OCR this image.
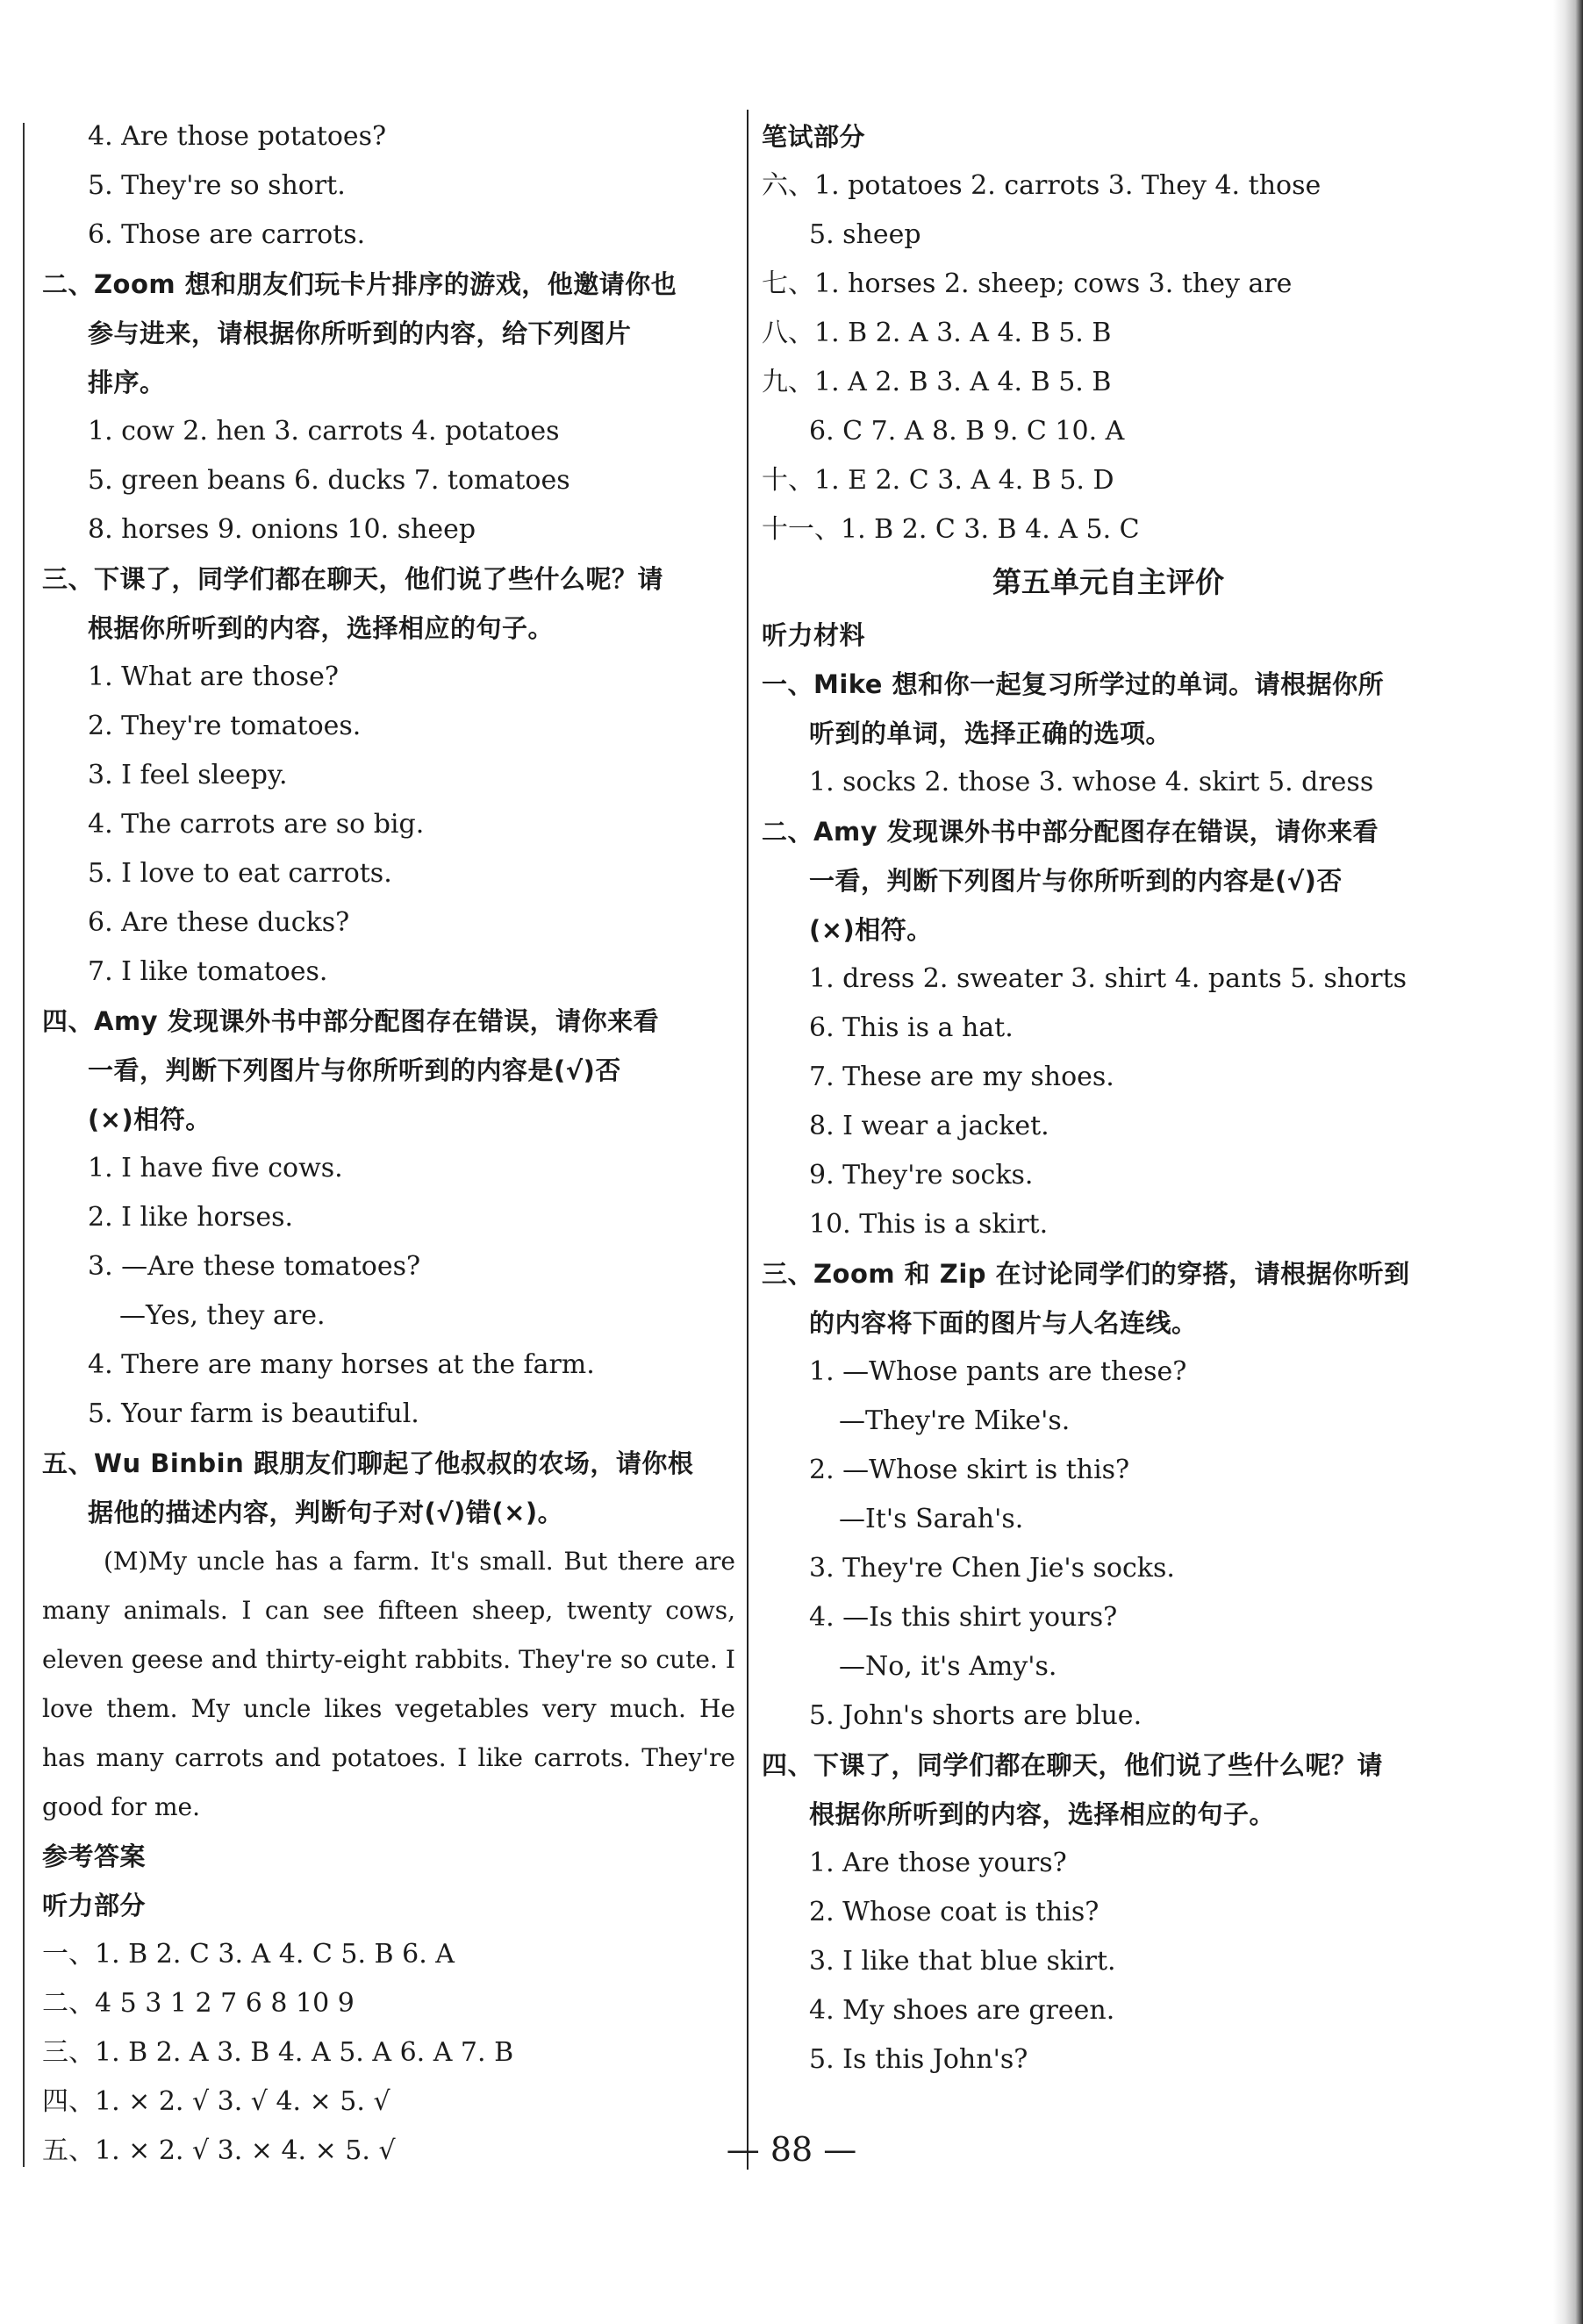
4. Are those potatoes?
5. They're so short.
6. Those are carrots.
二、Zoom 想和朋友们玩卡片排序的游戏，他邀请你也
参与进来，请根据你所听到的内容，给下列图片
排序。
1. cow 2. hen 3. carrots 4. potatoes
5. green beans 6. ducks 7. tomatoes
8. horses 9. onions 10. sheep
三、下课了，同学们都在聊天，他们说了些什么呢？请
根据你所听到的内容，选择相应的句子。
1. What are those?
2. They're tomatoes.
3. I feel sleepy.
4. The carrots are so big.
5. I love to eat carrots.
6. Are these ducks?
7. I like tomatoes.
四、Amy 发现课外书中部分配图存在错误，请你来看
一看，判断下列图片与你所听到的内容是(√)否
(×)相符。
1. I have five cows.
2. I like horses.
3. —Are these tomatoes?
—Yes, they are.
4. There are many horses at the farm.
5. Your farm is beautiful.
五、Wu Binbin 跟朋友们聊起了他叔叔的农场，请你根
据他的描述内容，判断句子对(√)错(×)。
(M)My uncle has a farm. It's small. But there are many animals. I can see fifteen sheep, twenty cows, eleven geese and thirty-eight rabbits. They're so cute. I love them. My uncle likes vegetables very much. He has many carrots and potatoes. I like carrots. They're good for me.
参考答案
听力部分
一、1. B 2. C 3. A 4. C 5. B 6. A
二、4 5 3 1 2 7 6 8 10 9
三、1. B 2. A 3. B 4. A 5. A 6. A 7. B
四、1. × 2. √ 3. √ 4. × 5. √
五、1. × 2. √ 3. × 4. × 5. √
笔试部分
六、1. potatoes 2. carrots 3. They 4. those
5. sheep
七、1. horses 2. sheep; cows 3. they are
八、1. B 2. A 3. A 4. B 5. B
九、1. A 2. B 3. A 4. B 5. B
6. C 7. A 8. B 9. C 10. A
十、1. E 2. C 3. A 4. B 5. D
十一、1. B 2. C 3. B 4. A 5. C
第五单元自主评价
听力材料
一、Mike 想和你一起复习所学过的单词。请根据你所
听到的单词，选择正确的选项。
1. socks 2. those 3. whose 4. skirt 5. dress
二、Amy 发现课外书中部分配图存在错误，请你来看
一看，判断下列图片与你所听到的内容是(√)否
(×)相符。
1. dress 2. sweater 3. shirt 4. pants 5. shorts
6. This is a hat.
7. These are my shoes.
8. I wear a jacket.
9. They're socks.
10. This is a skirt.
三、Zoom 和 Zip 在讨论同学们的穿搭，请根据你听到
的内容将下面的图片与人名连线。
1. —Whose pants are these?
—They're Mike's.
2. —Whose skirt is this?
—It's Sarah's.
3. They're Chen Jie's socks.
4. —Is this shirt yours?
—No, it's Amy's.
5. John's shorts are blue.
四、下课了，同学们都在聊天，他们说了些什么呢？请
根据你所听到的内容，选择相应的句子。
1. Are those yours?
2. Whose coat is this?
3. I like that blue skirt.
4. My shoes are green.
5. Is this John's?
— 88 —
